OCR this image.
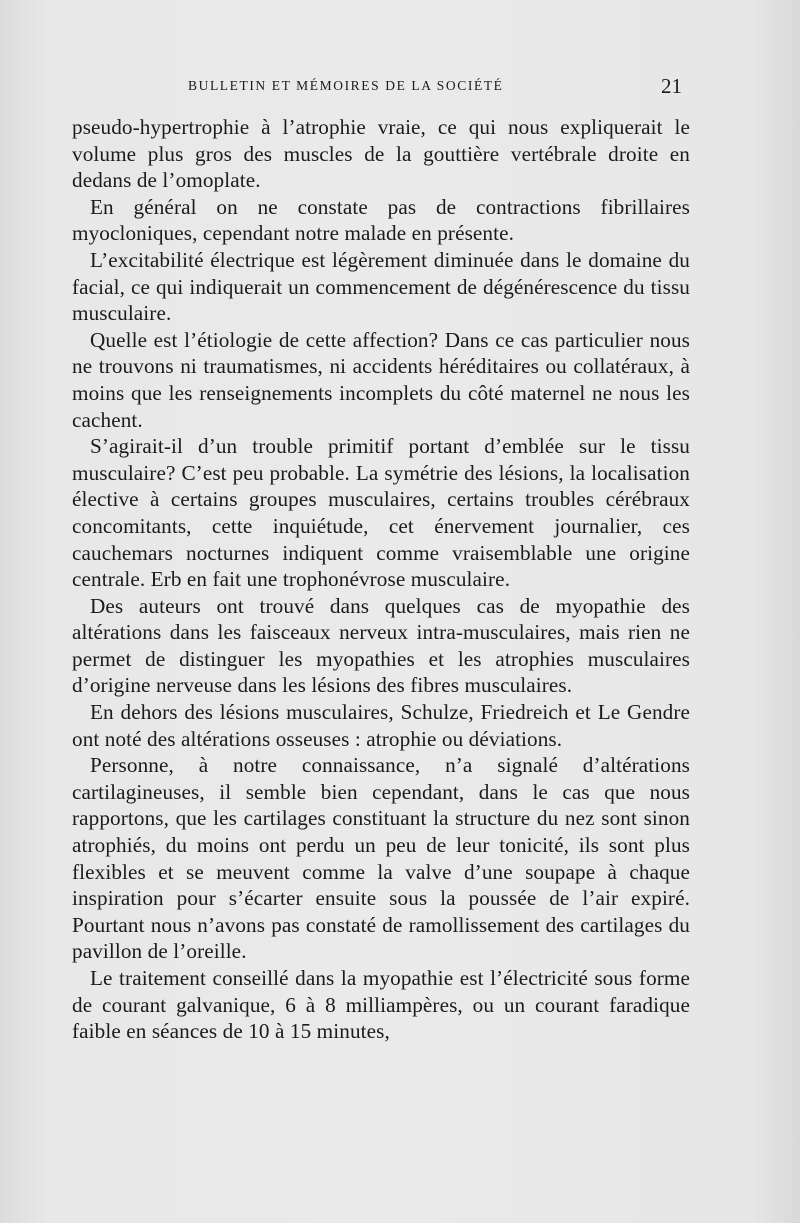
BULLETIN ET MÉMOIRES DE LA SOCIÉTÉ	21

pseudo-hypertrophie à l’atrophie vraie, ce qui nous expliquerait le volume plus gros des muscles de la gouttière vertébrale droite en dedans de l’omoplate.

En général on ne constate pas de contractions fibrillaires myocloniques, cependant notre malade en présente.

L’excitabilité électrique est légèrement diminuée dans le domaine du facial, ce qui indiquerait un commencement de dégénérescence du tissu musculaire.

Quelle est l’étiologie de cette affection? Dans ce cas particulier nous ne trouvons ni traumatismes, ni accidents héréditaires ou collatéraux, à moins que les renseignements incomplets du côté maternel ne nous les cachent.

S’agirait-il d’un trouble primitif portant d’emblée sur le tissu musculaire? C’est peu probable. La symétrie des lésions, la localisation élective à certains groupes musculaires, certains troubles cérébraux concomitants, cette inquiétude, cet énervement journalier, ces cauchemars nocturnes indiquent comme vraisemblable une origine centrale. Erb en fait une trophonévrose musculaire.

Des auteurs ont trouvé dans quelques cas de myopathie des altérations dans les faisceaux nerveux intra-musculaires, mais rien ne permet de distinguer les myopathies et les atrophies musculaires d’origine nerveuse dans les lésions des fibres musculaires.

En dehors des lésions musculaires, Schulze, Friedreich et Le Gendre ont noté des altérations osseuses : atrophie ou déviations.

Personne, à notre connaissance, n’a signalé d’altérations cartilagineuses, il semble bien cependant, dans le cas que nous rapportons, que les cartilages constituant la structure du nez sont sinon atrophiés, du moins ont perdu un peu de leur tonicité, ils sont plus flexibles et se meuvent comme la valve d’une soupape à chaque inspiration pour s’écarter ensuite sous la poussée de l’air expiré. Pourtant nous n’avons pas constaté de ramollissement des cartilages du pavillon de l’oreille.

Le traitement conseillé dans la myopathie est l’électricité sous forme de courant galvanique, 6 à 8 milliampères, ou un courant faradique faible en séances de 10 à 15 minutes,
